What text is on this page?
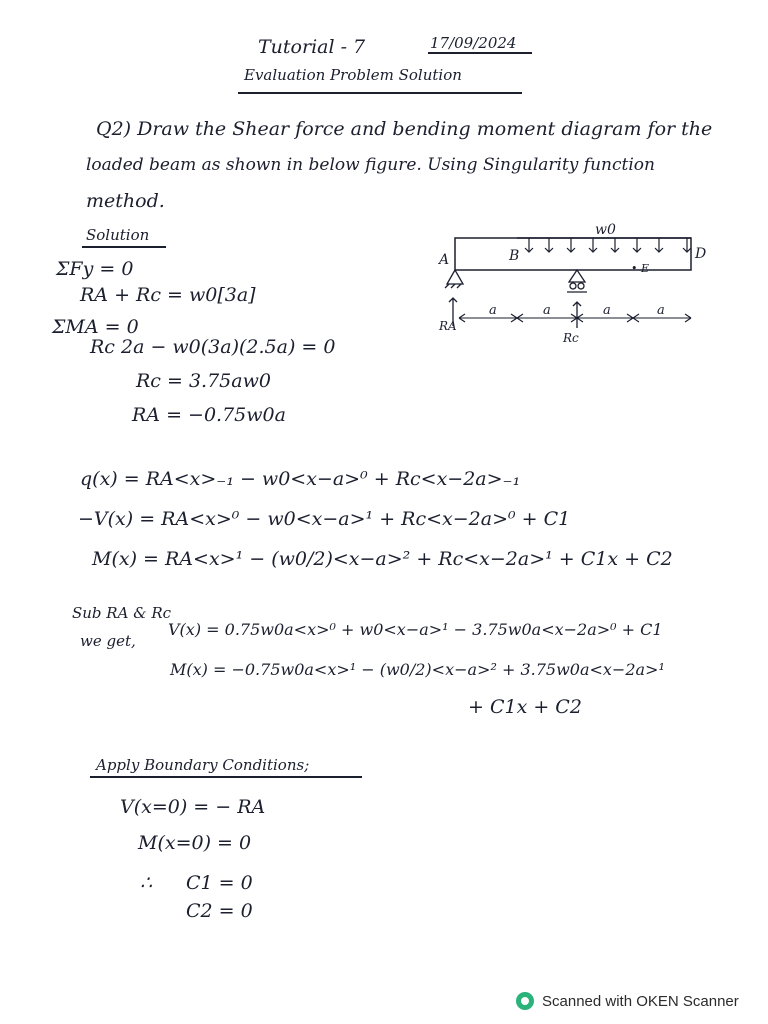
Tutorial - 7	17/09/2024
Evaluation Problem Solution
Q2) Draw the Shear force and bending moment diagram for the
loaded beam as shown in below figure. Using Singularity function
method.
Solution
ΣFy = 0
RA + Rc = w0[3a]
ΣMA = 0
Rc 2a − w0(3a)(2.5a) = 0
Rc = 3.75aw0
RA = −0.75w0a
w0
A	B	D
• E
RA
Rc
a	a	a	a
q(x) = RA<x>₋₁ − w0<x−a>⁰ + Rc<x−2a>₋₁
−V(x) = RA<x>⁰ − w0<x−a>¹ + Rc<x−2a>⁰ + C1
M(x) = RA<x>¹ − (w0/2)<x−a>² + Rc<x−2a>¹ + C1x + C2
Sub RA & Rc
we get,
V(x) = 0.75w0a<x>⁰ + w0<x−a>¹ − 3.75w0a<x−2a>⁰ + C1
M(x) = −0.75w0a<x>¹ − (w0/2)<x−a>² + 3.75w0a<x−2a>¹
+ C1x + C2
Apply Boundary Conditions;
V(x=0) = − RA
M(x=0) = 0
∴ C1 = 0
C2 = 0
Scanned with OKEN Scanner
